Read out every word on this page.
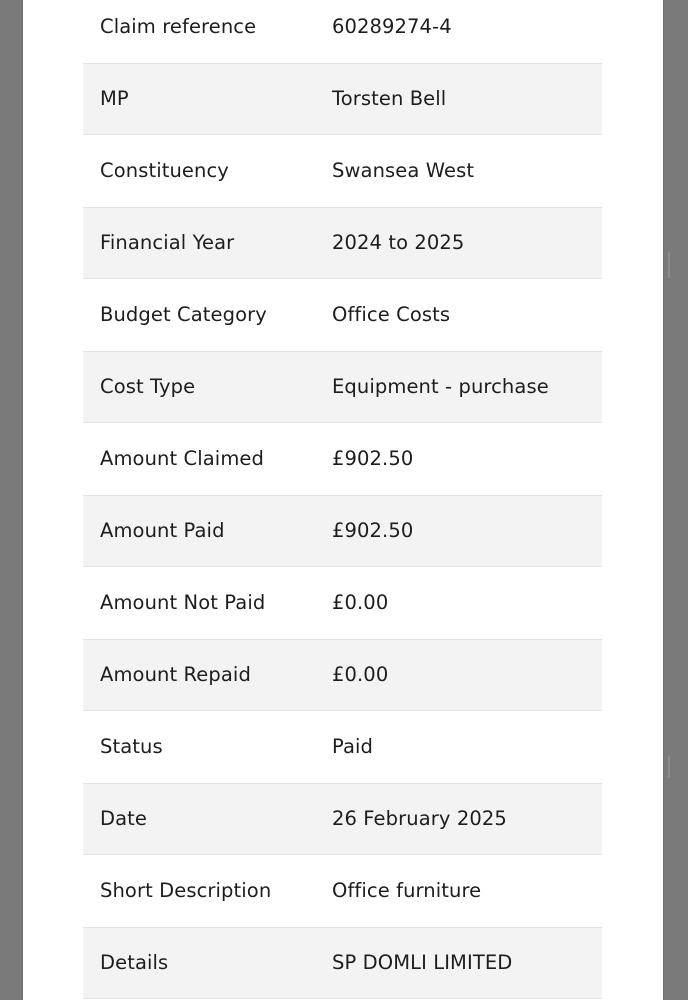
Claim reference	60289274-4
MP	Torsten Bell
Constituency	Swansea West
Financial Year	2024 to 2025
Budget Category	Office Costs
Cost Type	Equipment - purchase
Amount Claimed	£902.50
Amount Paid	£902.50
Amount Not Paid	£0.00
Amount Repaid	£0.00
Status	Paid
Date	26 February 2025
Short Description	Office furniture
Details	SP DOMLI LIMITED
